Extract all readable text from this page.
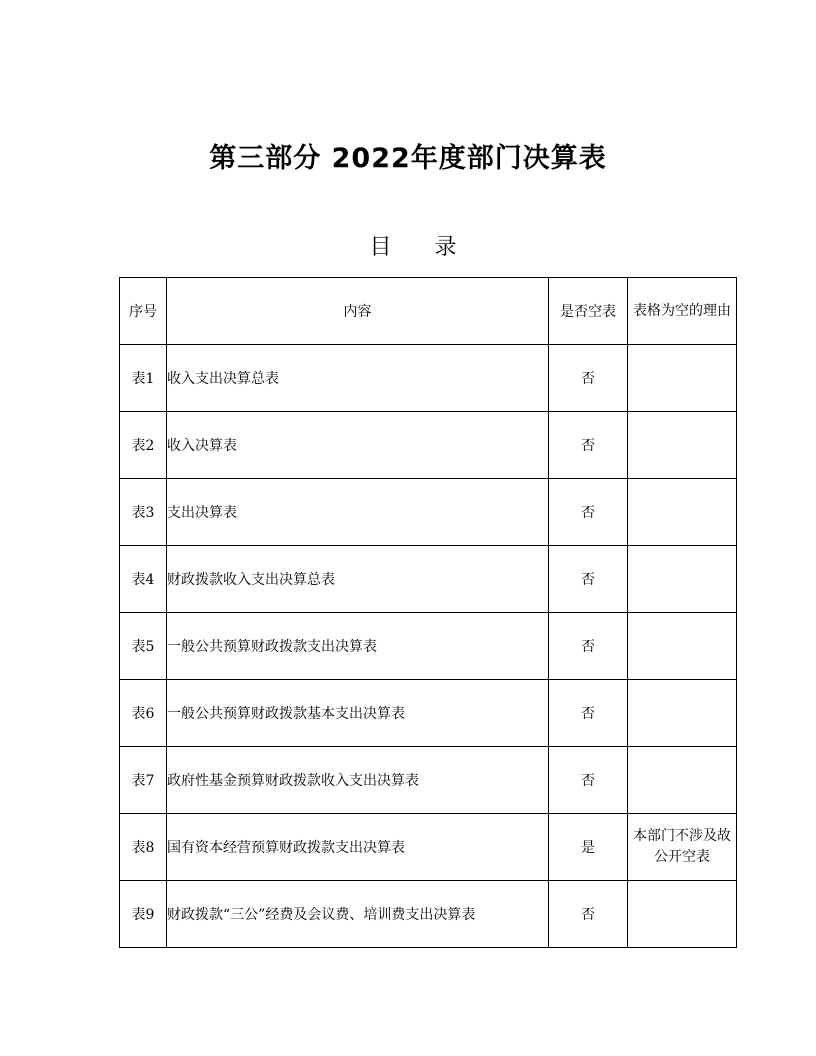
第三部分 2022年度部门决算表
目 录
序号	内容	是否空表	表格为空的理由
表1	收入支出决算总表	否	
表2	收入决算表	否	
表3	支出决算表	否	
表4	财政拨款收入支出决算总表	否	
表5	一般公共预算财政拨款支出决算表	否	
表6	一般公共预算财政拨款基本支出决算表	否	
表7	政府性基金预算财政拨款收入支出决算表	否	
表8	国有资本经营预算财政拨款支出决算表	是	本部门不涉及故公开空表
表9	财政拨款“三公”经费及会议费、培训费支出决算表	否	
